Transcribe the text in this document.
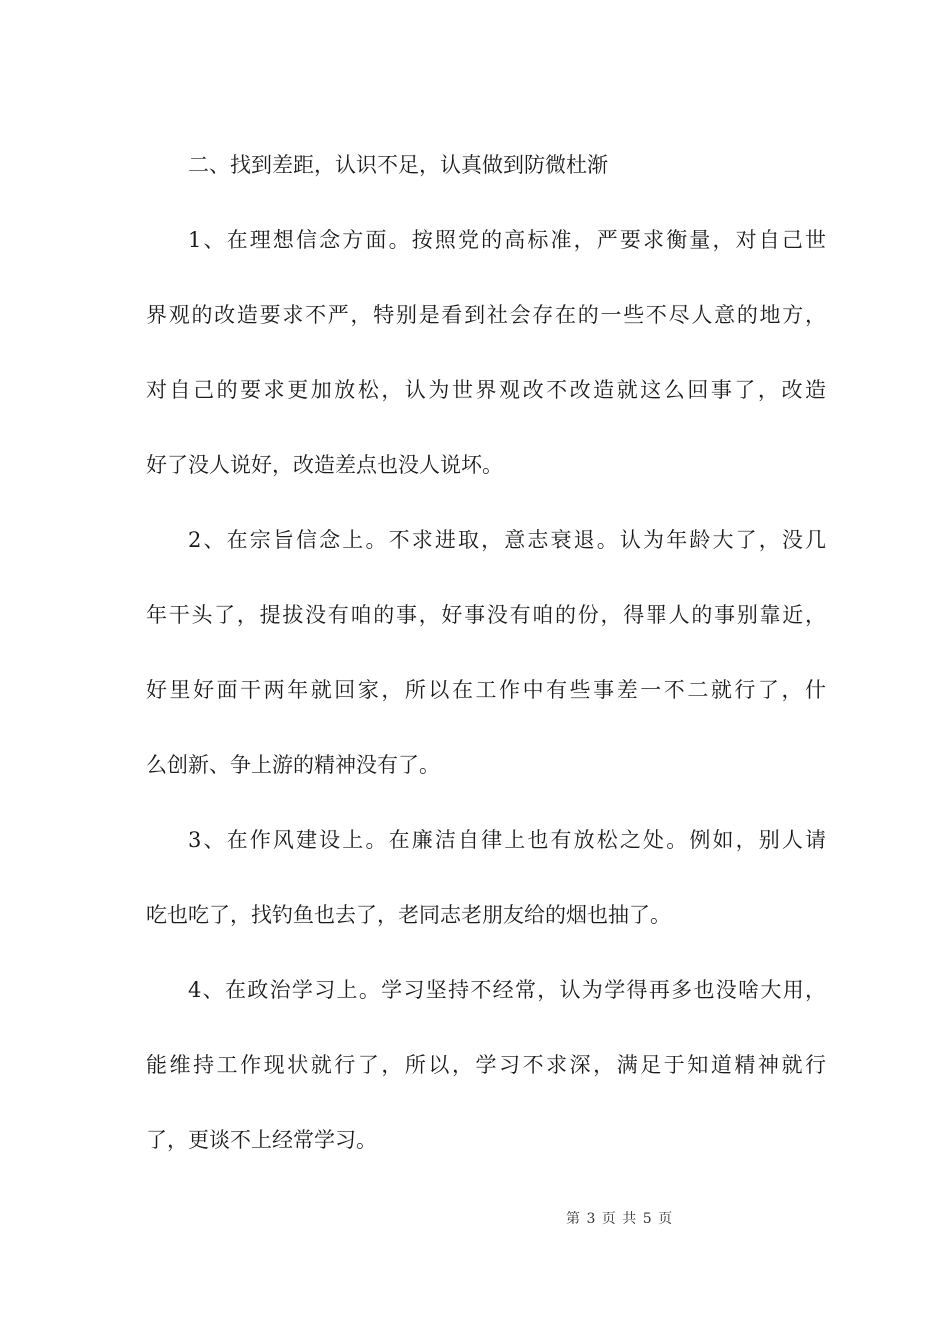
二、找到差距，认识不足，认真做到防微杜渐

1、在理想信念方面。按照党的高标准，严要求衡量，对自己世
界观的改造要求不严，特别是看到社会存在的一些不尽人意的地方，
对自己的要求更加放松，认为世界观改不改造就这么回事了，改造
好了没人说好，改造差点也没人说坏。

2、在宗旨信念上。不求进取，意志衰退。认为年龄大了，没几
年干头了，提拔没有咱的事，好事没有咱的份，得罪人的事别靠近，
好里好面干两年就回家，所以在工作中有些事差一不二就行了，什
么创新、争上游的精神没有了。

3、在作风建设上。在廉洁自律上也有放松之处。例如，别人请
吃也吃了，找钓鱼也去了，老同志老朋友给的烟也抽了。

4、在政治学习上。学习坚持不经常，认为学得再多也没啥大用，
能维持工作现状就行了，所以，学习不求深，满足于知道精神就行
了，更谈不上经常学习。

第 3 页 共 5 页
